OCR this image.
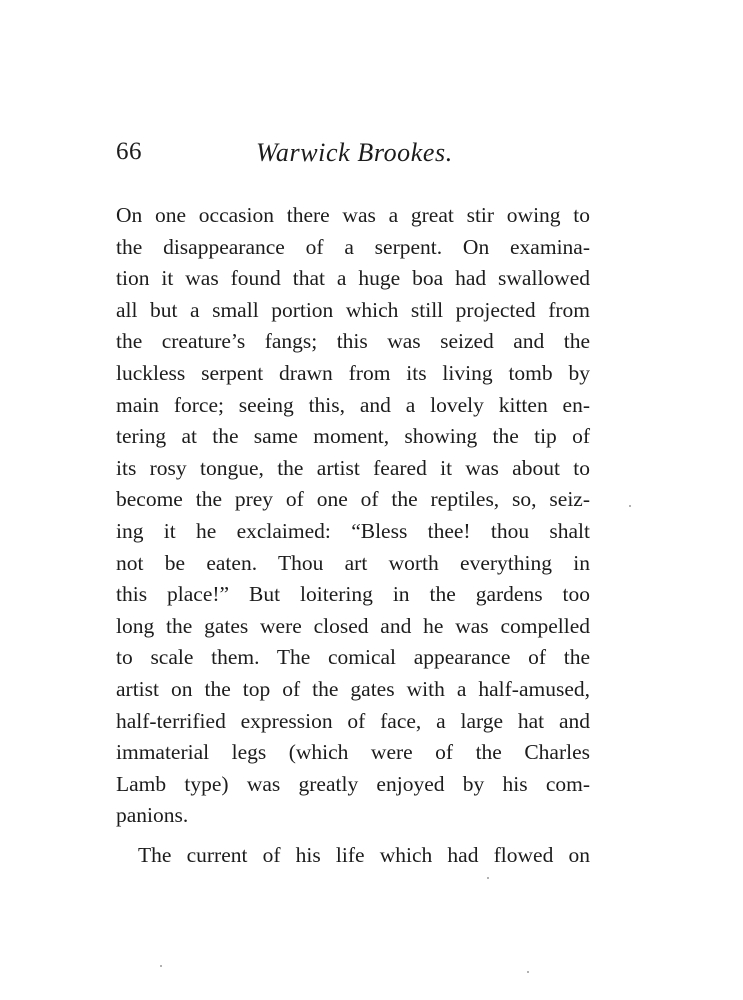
66	Warwick Brookes.
On one occasion there was a great stir owing to
the disappearance of a serpent. On examina-
tion it was found that a huge boa had swallowed
all but a small portion which still projected from
the creature’s fangs; this was seized and the
luckless serpent drawn from its living tomb by
main force; seeing this, and a lovely kitten en-
tering at the same moment, showing the tip of
its rosy tongue, the artist feared it was about to
become the prey of one of the reptiles, so, seiz-
ing it he exclaimed: “Bless thee! thou shalt
not be eaten. Thou art worth everything in
this place!” But loitering in the gardens too
long the gates were closed and he was compelled
to scale them. The comical appearance of the
artist on the top of the gates with a half-amused,
half-terrified expression of face, a large hat and
immaterial legs (which were of the Charles
Lamb type) was greatly enjoyed by his com-
panions.
The current of his life which had flowed on
